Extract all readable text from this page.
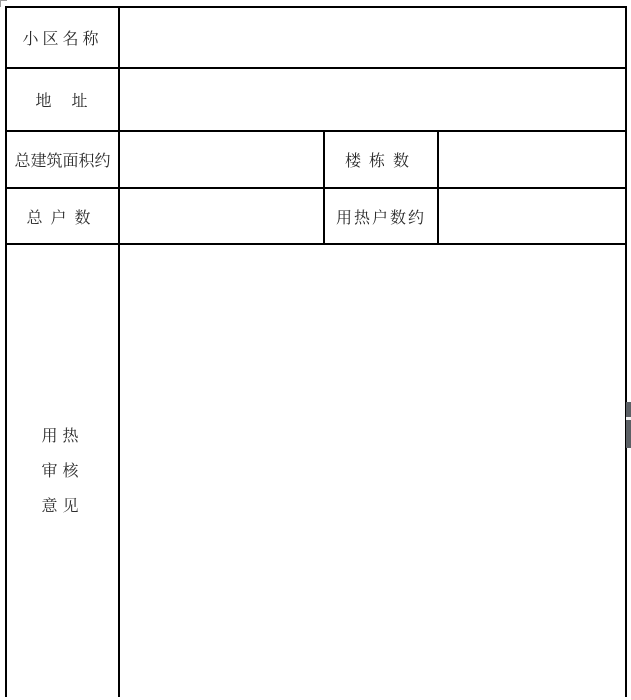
小区名称			
地　址			
总建筑面积约		楼栋数	
总户数		用热户数约	

用热
审核
意见			
